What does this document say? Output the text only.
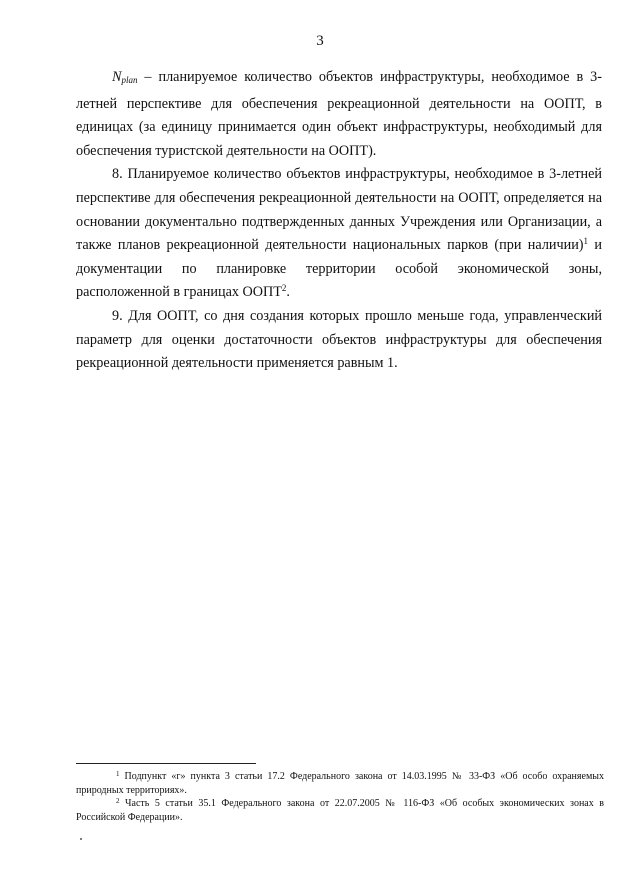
3

$N_{plan}$ – планируемое количество объектов инфраструктуры, необходимое в 3-летней перспективе для обеспечения рекреационной деятельности на ООПТ, в единицах (за единицу принимается один объект инфраструктуры, необходимый для обеспечения туристской деятельности на ООПТ).

8. Планируемое количество объектов инфраструктуры, необходимое в 3-летней перспективе для обеспечения рекреационной деятельности на ООПТ, определяется на основании документально подтвержденных данных Учреждения или Организации, а также планов рекреационной деятельности национальных парков (при наличии)$^1$ и документации по планировке территории особой экономической зоны, расположенной в границах ООПТ$^2$.

9. Для ООПТ, со дня создания которых прошло меньше года, управленческий параметр для оценки достаточности объектов инфраструктуры для обеспечения рекреационной деятельности применяется равным 1.

$^1$ Подпункт «г» пункта 3 статьи 17.2 Федерального закона от 14.03.1995 № 33-ФЗ «Об особо охраняемых природных территориях».

$^2$ Часть 5 статьи 35.1 Федерального закона от 22.07.2005 № 116-ФЗ «Об особых экономических зонах в Российской Федерации».
